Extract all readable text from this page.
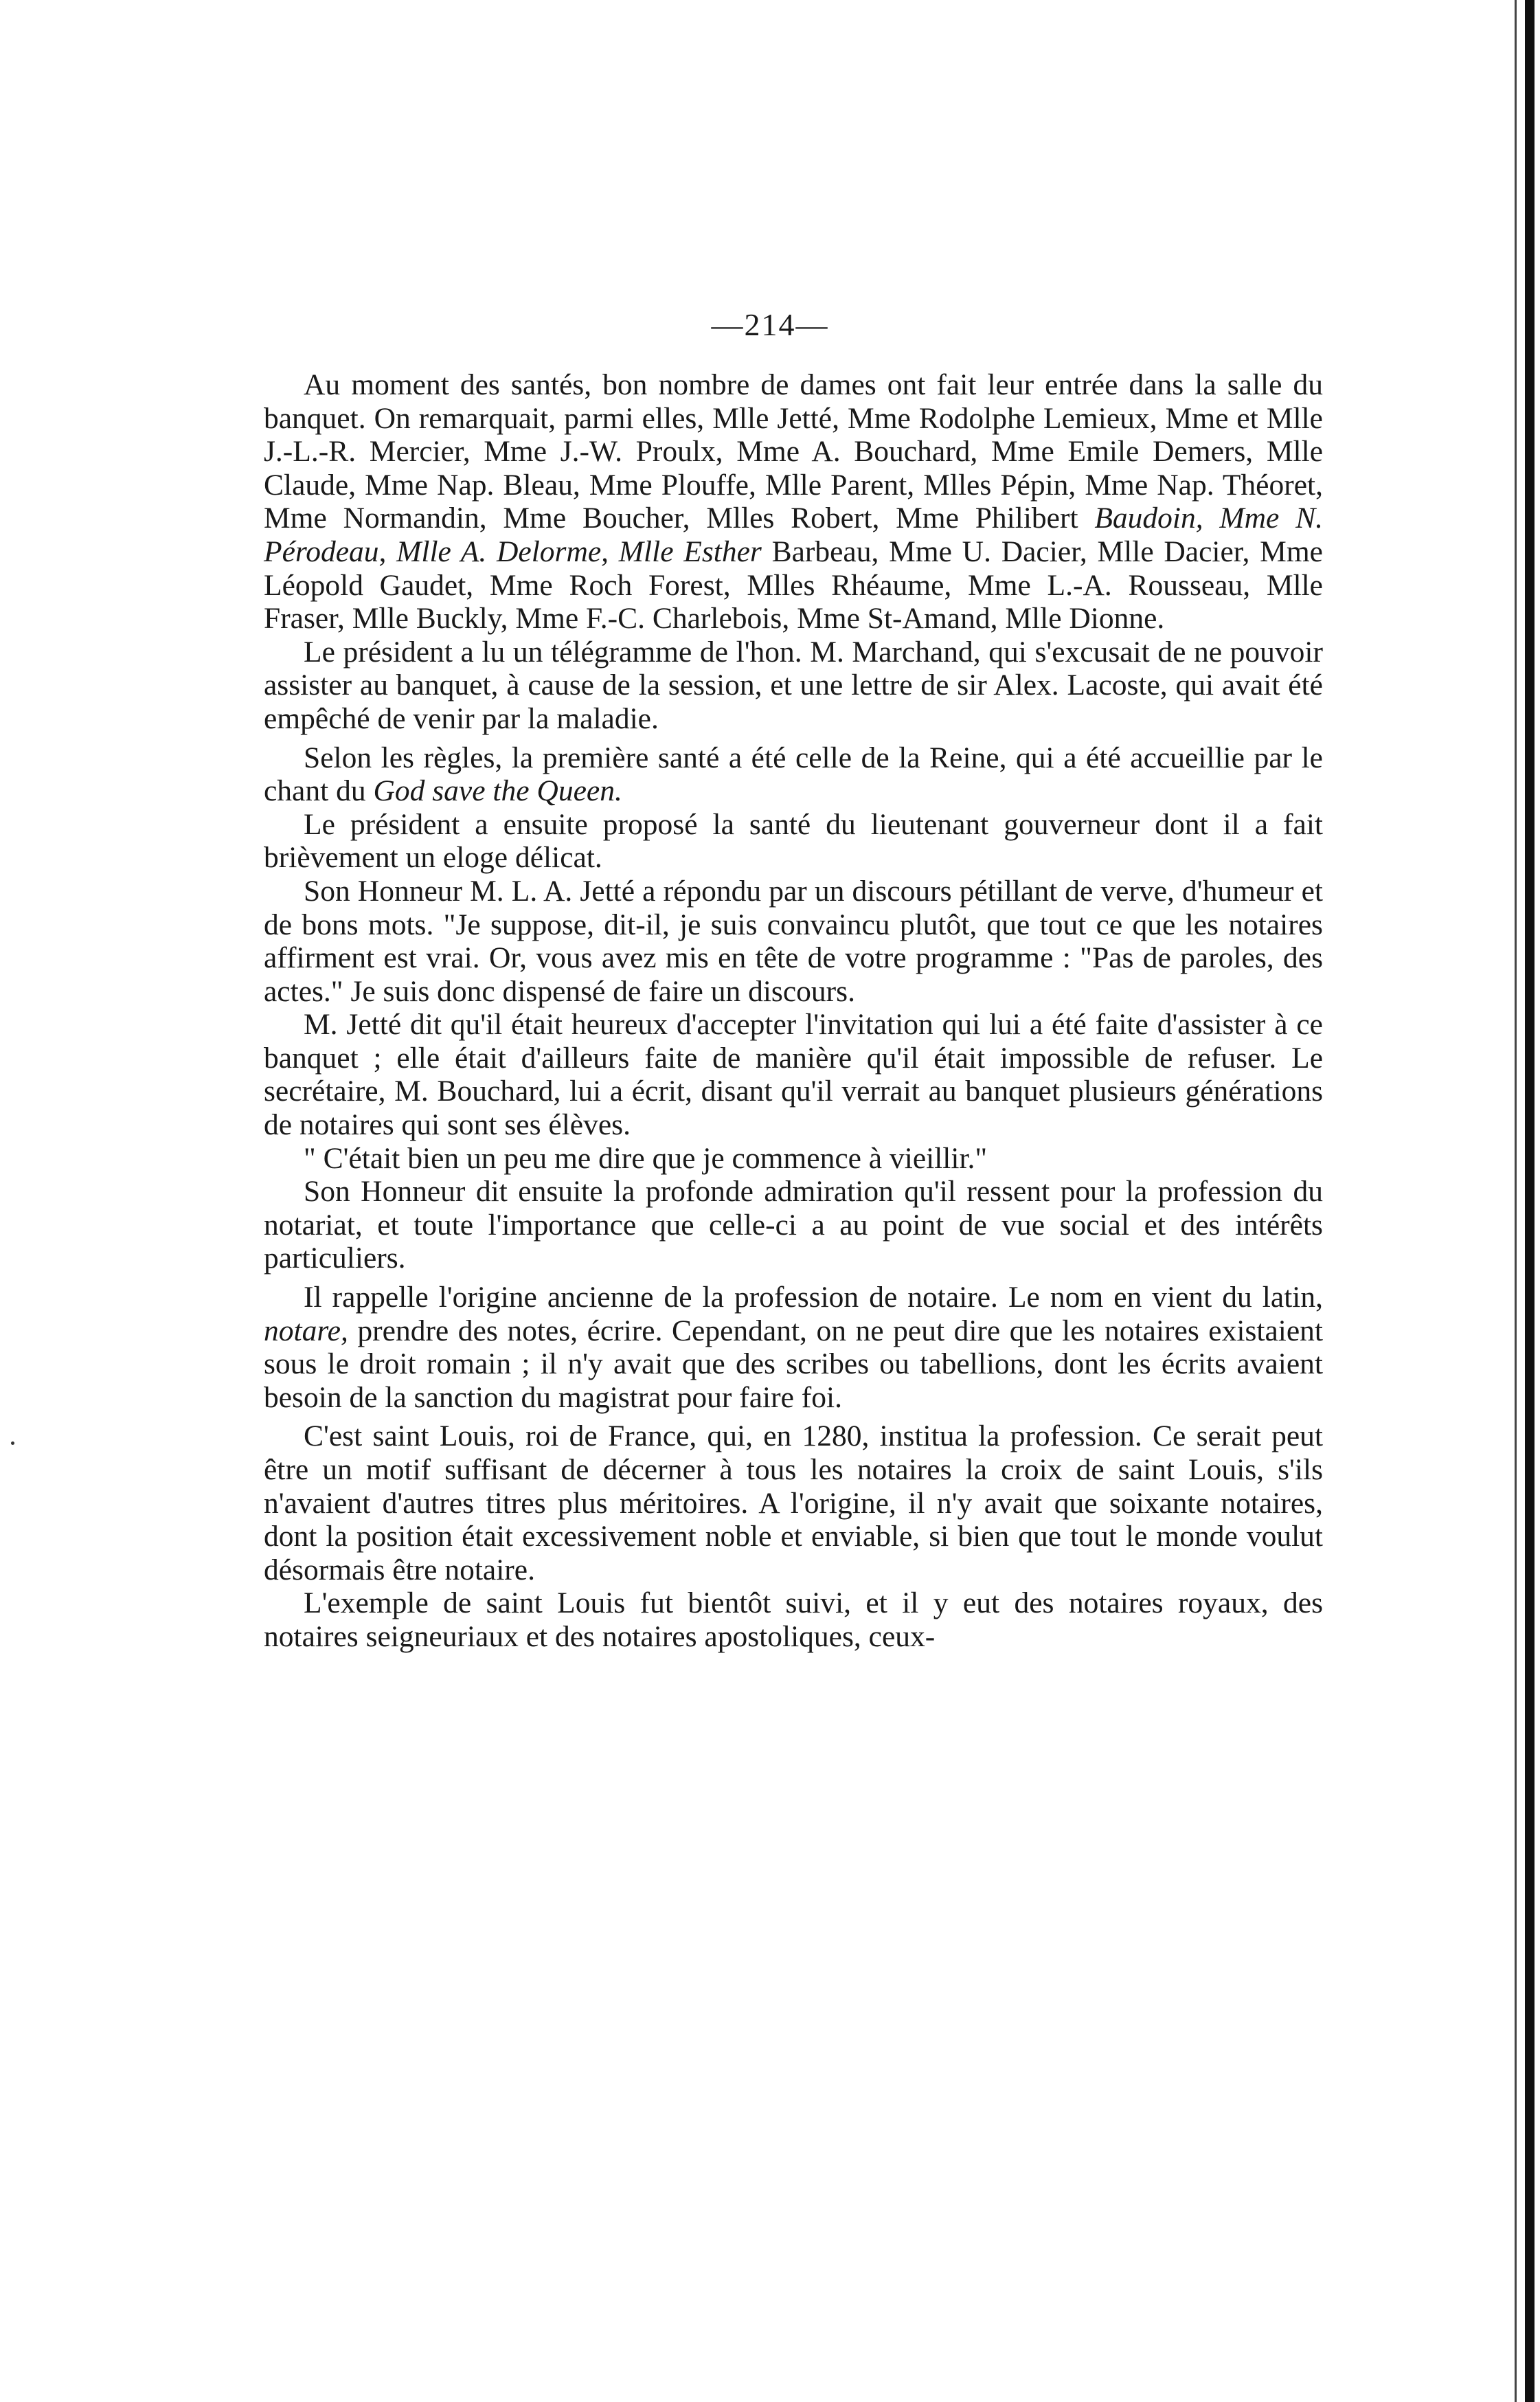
—214—

Au moment des santés, bon nombre de dames ont fait leur entrée dans la salle du banquet. On remarquait, parmi elles, Mlle Jetté, Mme Rodolphe Lemieux, Mme et Mlle J.-L.-R. Mercier, Mme J.-W. Proulx, Mme A. Bouchard, Mme Emile Demers, Mlle Claude, Mme Nap. Bleau, Mme Plouffe, Mlle Parent, Mlles Pépin, Mme Nap. Théoret, Mme Normandin, Mme Boucher, Mlles Robert, Mme Philibert Baudoin, Mme N. Pérodeau, Mlle A. Delorme, Mlle Esther Barbeau, Mme U. Dacier, Mlle Dacier, Mme Léopold Gaudet, Mme Roch Forest, Mlles Rhéaume, Mme L.-A. Rousseau, Mlle Fraser, Mlle Buckly, Mme F.-C. Charlebois, Mme St-Amand, Mlle Dionne.

Le président a lu un télégramme de l'hon. M. Marchand, qui s'excusait de ne pouvoir assister au banquet, à cause de la session, et une lettre de sir Alex. Lacoste, qui avait été empêché de venir par la maladie.

Selon les règles, la première santé a été celle de la Reine, qui a été accueillie par le chant du God save the Queen.

Le président a ensuite proposé la santé du lieutenant gouverneur dont il a fait brièvement un eloge délicat.

Son Honneur M. L. A. Jetté a répondu par un discours pétillant de verve, d'humeur et de bons mots. "Je suppose, dit-il, je suis convaincu plutôt, que tout ce que les notaires affirment est vrai. Or, vous avez mis en tête de votre programme : "Pas de paroles, des actes." Je suis donc dispensé de faire un discours.

M. Jetté dit qu'il était heureux d'accepter l'invitation qui lui a été faite d'assister à ce banquet ; elle était d'ailleurs faite de manière qu'il était impossible de refuser. Le secrétaire, M. Bouchard, lui a écrit, disant qu'il verrait au banquet plusieurs générations de notaires qui sont ses élèves.

" C'était bien un peu me dire que je commence à vieillir."

Son Honneur dit ensuite la profonde admiration qu'il ressent pour la profession du notariat, et toute l'importance que celle-ci a au point de vue social et des intérêts particuliers.

Il rappelle l'origine ancienne de la profession de notaire. Le nom en vient du latin, notare, prendre des notes, écrire. Cependant, on ne peut dire que les notaires existaient sous le droit romain ; il n'y avait que des scribes ou tabellions, dont les écrits avaient besoin de la sanction du magistrat pour faire foi.

C'est saint Louis, roi de France, qui, en 1280, institua la profession. Ce serait peut être un motif suffisant de décerner à tous les notaires la croix de saint Louis, s'ils n'avaient d'autres titres plus méritoires. A l'origine, il n'y avait que soixante notaires, dont la position était excessivement noble et enviable, si bien que tout le monde voulut désormais être notaire.

L'exemple de saint Louis fut bientôt suivi, et il y eut des notaires royaux, des notaires seigneuriaux et des notaires apostoliques, ceux-
